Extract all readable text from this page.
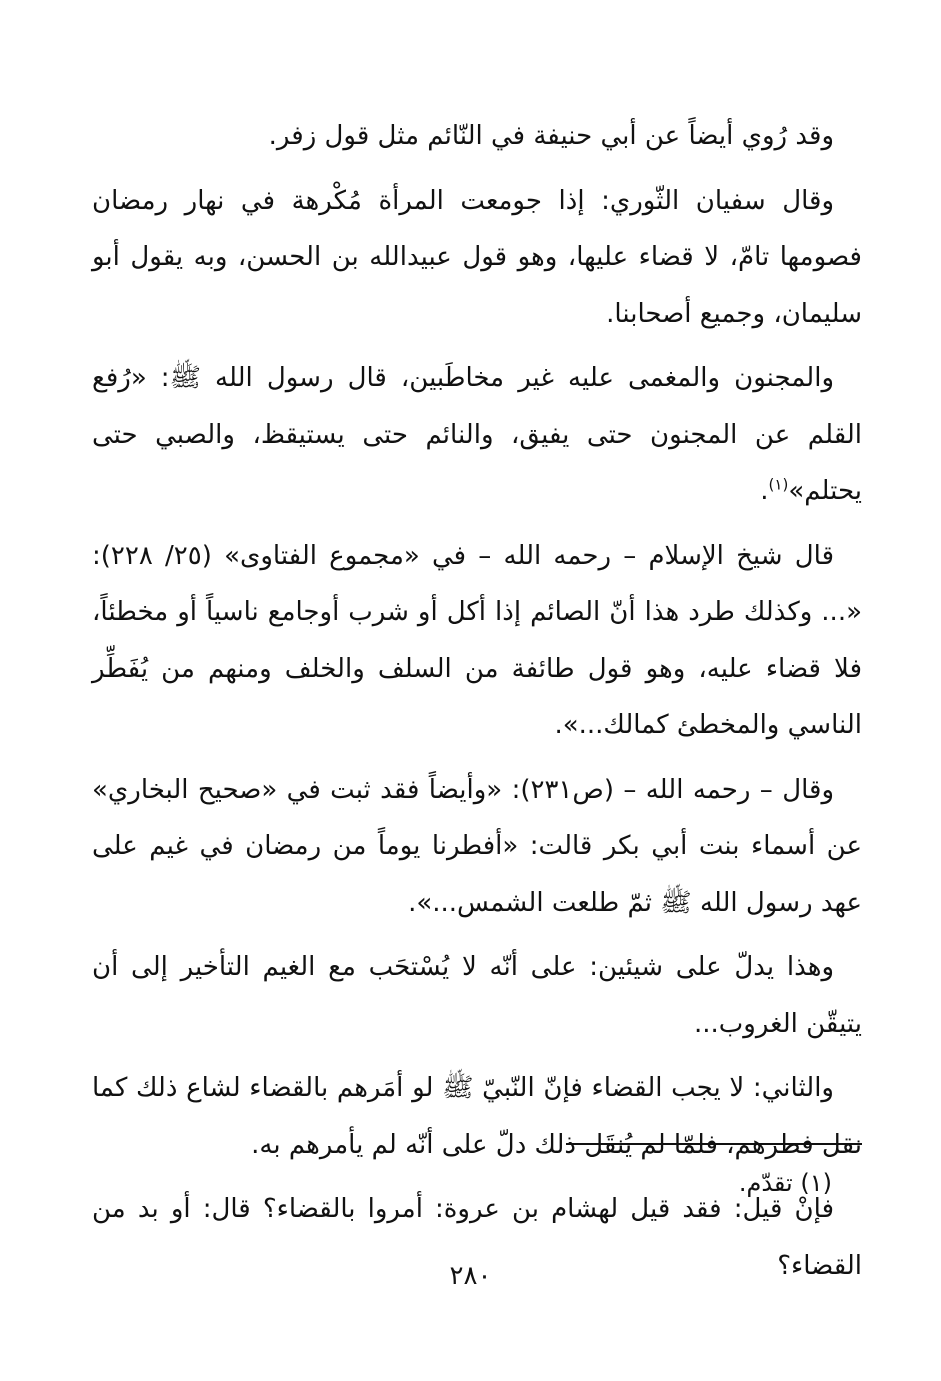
وقد رُوي أيضاً عن أبي حنيفة في النّائم مثل قول زفر.

وقال سفيان الثّوري: إذا جومعت المرأة مُكْرهة في نهار رمضان فصومها تامّ، لا قضاء عليها، وهو قول عبيدالله بن الحسن، وبه يقول أبو سليمان، وجميع أصحابنا.

والمجنون والمغمى عليه غير مخاطَبين، قال رسول الله ﷺ: «رُفع القلم عن المجنون حتى يفيق، والنائم حتى يستيقظ، والصبي حتى يحتلم»$^{(١)}$.

قال شيخ الإسلام – رحمه الله – في «مجموع الفتاوى» (٢٥/ ٢٢٨): «... وكذلك طرد هذا أنّ الصائم إذا أكل أو شرب أوجامع ناسياً أو مخطئاً، فلا قضاء عليه، وهو قول طائفة من السلف والخلف ومنهم من يُفَطِّر الناسي والمخطئ كمالك...».

وقال – رحمه الله – (ص٢٣١): «وأيضاً فقد ثبت في «صحيح البخاري» عن أسماء بنت أبي بكر قالت: «أفطرنا يوماً من رمضان في غيم على عهد رسول الله ﷺ ثمّ طلعت الشمس...».

وهذا يدلّ على شيئين: على أنّه لا يُسْتحَب مع الغيم التأخير إلى أن يتيقّن الغروب...

والثاني: لا يجب القضاء فإنّ النّبيّ ﷺ لو أمَرهم بالقضاء لشاع ذلك كما نقل فطرهم، فلمّا لم يُنقَل ذلك دلّ على أنّه لم يأمرهم به.

فإنْ قيل: فقد قيل لهشام بن عروة: أمروا بالقضاء؟ قال: أو بد من القضاء؟

(١) تقدّم.
٢٨٠
